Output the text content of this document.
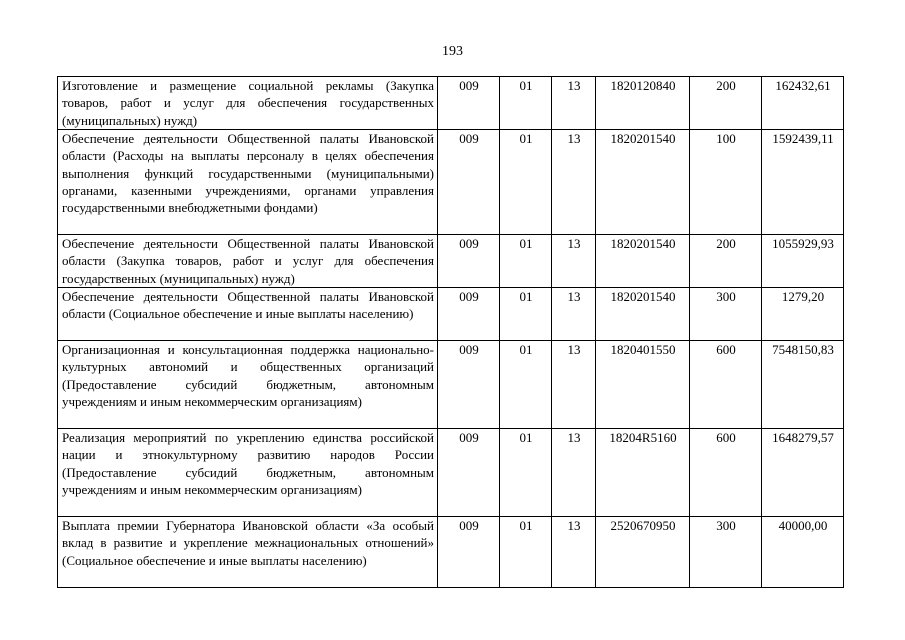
193
Изготовление и размещение социальной рекламы (Закупка товаров, работ и услуг для обеспечения государственных (муниципальных) нужд)	009	01	13	1820120840	200	162432,61
Обеспечение деятельности Общественной палаты Ивановской области (Расходы на выплаты персоналу в целях обеспечения выполнения функций государственными (муниципальными) органами, казенными учреждениями, органами управления государственными внебюджетными фондами)	009	01	13	1820201540	100	1592439,11
Обеспечение деятельности Общественной палаты Ивановской области (Закупка товаров, работ и услуг для обеспечения государственных (муниципальных) нужд)	009	01	13	1820201540	200	1055929,93
Обеспечение деятельности Общественной палаты Ивановской области (Социальное обеспечение и иные выплаты населению)	009	01	13	1820201540	300	1279,20
Организационная и консультационная поддержка национально-культурных автономий и общественных организаций (Предоставление субсидий бюджетным, автономным учреждениям и иным некоммерческим организациям)	009	01	13	1820401550	600	7548150,83
Реализация мероприятий по укреплению единства российской нации и этнокультурному развитию народов России (Предоставление субсидий бюджетным, автономным учреждениям и иным некоммерческим организациям)	009	01	13	18204R5160	600	1648279,57
Выплата премии Губернатора Ивановской области «За особый вклад в развитие и укрепление межнациональных отношений» (Социальное обеспечение и иные выплаты населению)	009	01	13	2520670950	300	40000,00
